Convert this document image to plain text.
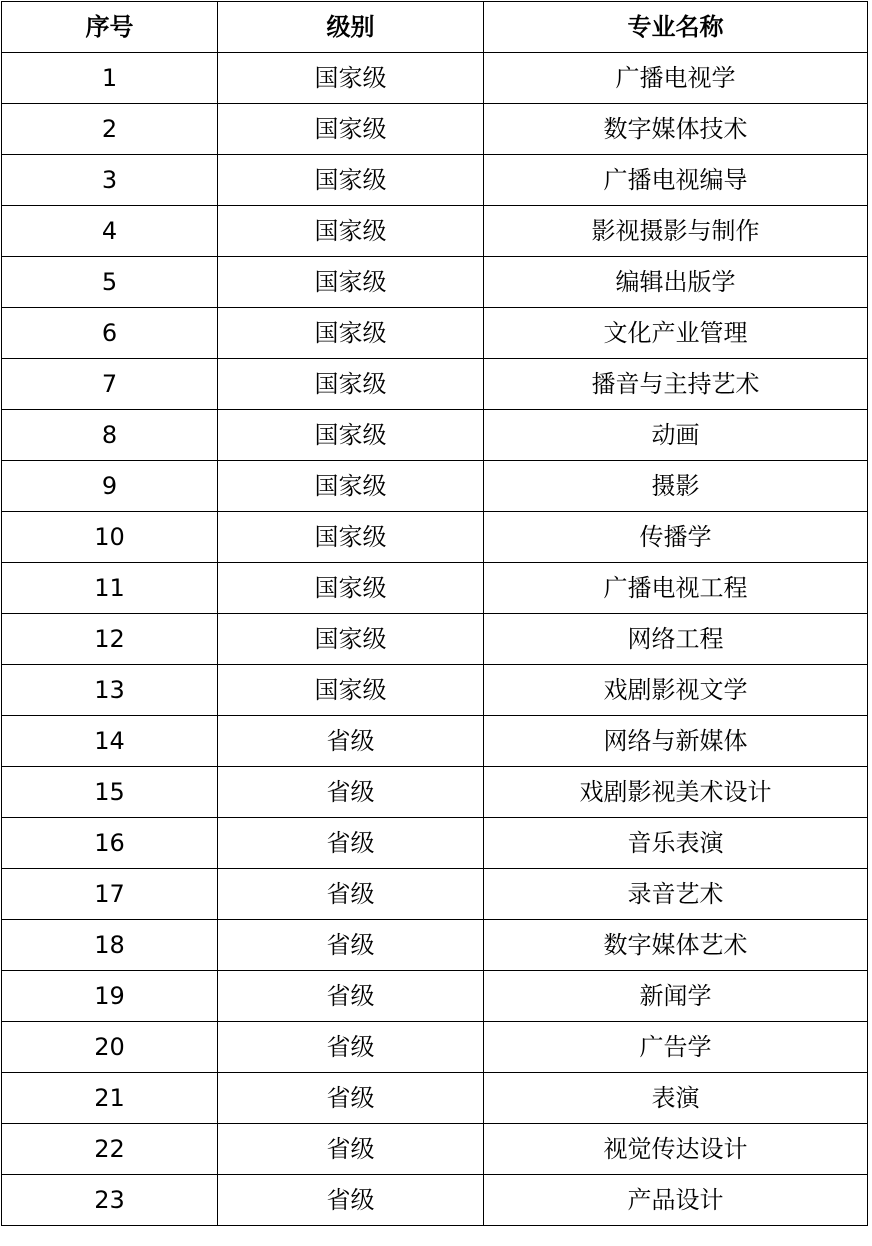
序号	级别	专业名称
1	国家级	广播电视学
2	国家级	数字媒体技术
3	国家级	广播电视编导
4	国家级	影视摄影与制作
5	国家级	编辑出版学
6	国家级	文化产业管理
7	国家级	播音与主持艺术
8	国家级	动画
9	国家级	摄影
10	国家级	传播学
11	国家级	广播电视工程
12	国家级	网络工程
13	国家级	戏剧影视文学
14	省级	网络与新媒体
15	省级	戏剧影视美术设计
16	省级	音乐表演
17	省级	录音艺术
18	省级	数字媒体艺术
19	省级	新闻学
20	省级	广告学
21	省级	表演
22	省级	视觉传达设计
23	省级	产品设计
